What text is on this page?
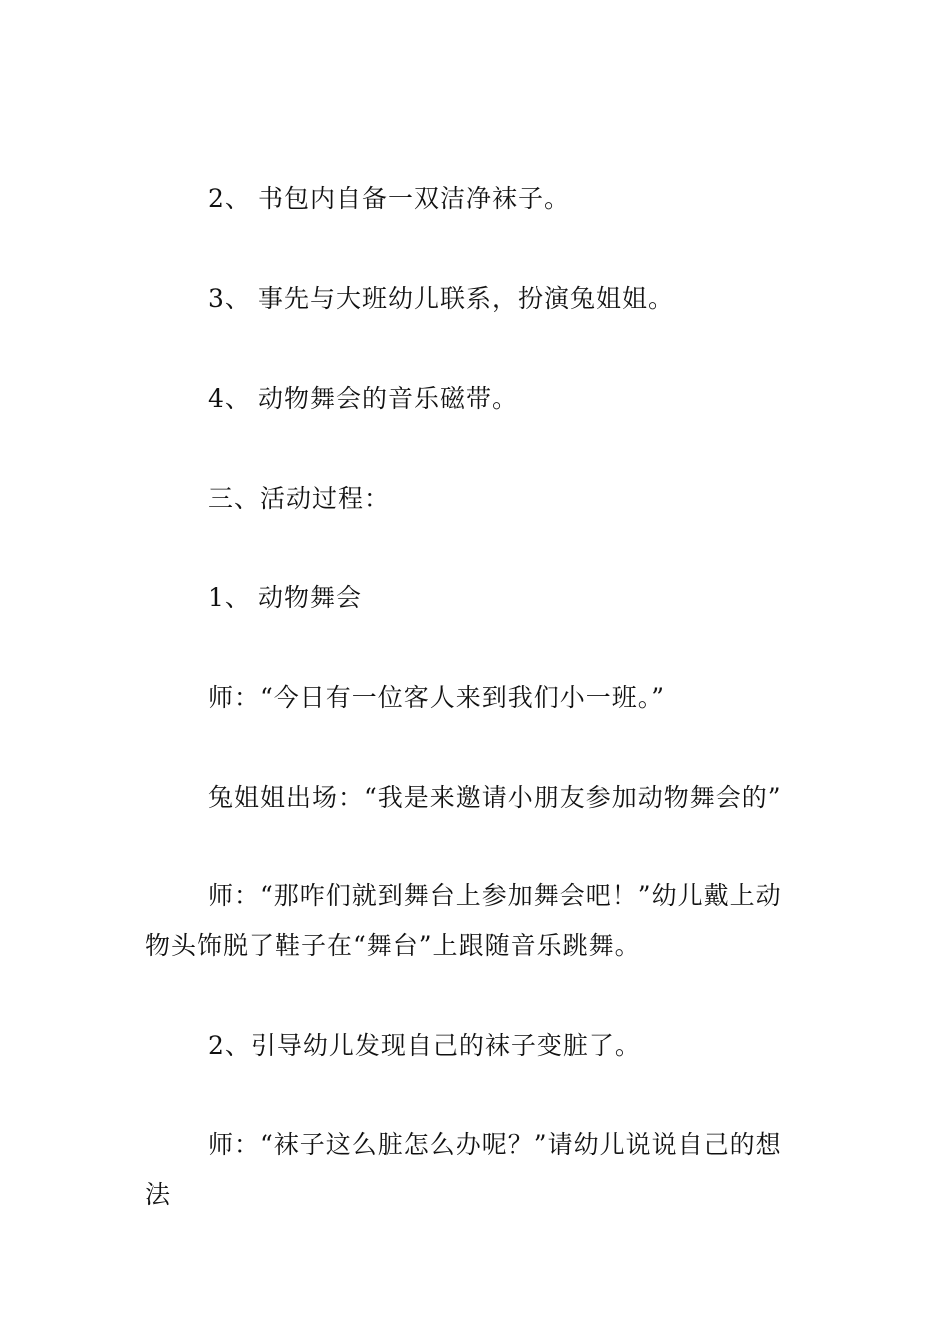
2、 书包内自备一双洁净袜子。
3、 事先与大班幼儿联系，扮演兔姐姐。
4、 动物舞会的音乐磁带。
三、活动过程：
1、 动物舞会
师：“今日有一位客人来到我们小一班。”
兔姐姐出场：“我是来邀请小朋友参加动物舞会的”
师：“那咋们就到舞台上参加舞会吧！”幼儿戴上动
物头饰脱了鞋子在“舞台”上跟随音乐跳舞。
2、引导幼儿发现自己的袜子变脏了。
师：“袜子这么脏怎么办呢？”请幼儿说说自己的想
法
